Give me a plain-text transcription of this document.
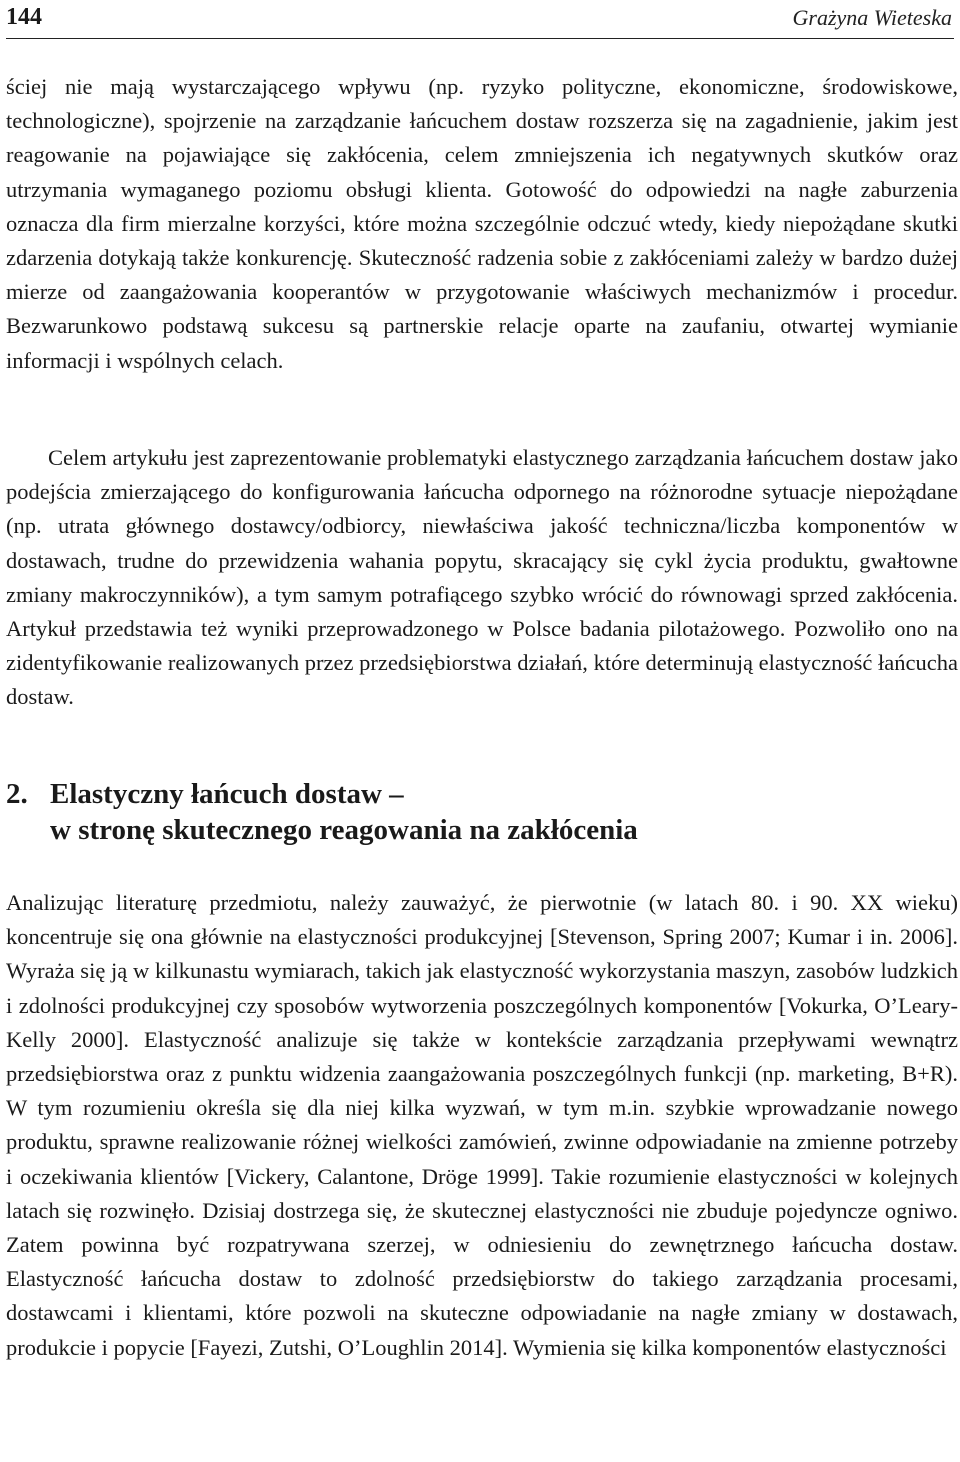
144	Grażyna Wieteska

ściej nie mają wystarczającego wpływu (np. ryzyko polityczne, ekonomiczne, środowiskowe, technologiczne), spojrzenie na zarządzanie łańcuchem dostaw rozszerza się na zagadnienie, jakim jest reagowanie na pojawiające się zakłócenia, celem zmniejszenia ich negatywnych skutków oraz utrzymania wymaganego poziomu obsługi klienta. Gotowość do odpowiedzi na nagłe zaburzenia oznacza dla firm mierzalne korzyści, które można szczególnie odczuć wtedy, kiedy niepożądane skutki zdarzenia dotykają także konkurencję. Skuteczność radzenia sobie z zakłóceniami zależy w bardzo dużej mierze od zaangażowania kooperantów w przygotowanie właściwych mechanizmów i procedur. Bezwarunkowo podstawą sukcesu są partnerskie relacje oparte na zaufaniu, otwartej wymianie informacji i wspólnych celach.

Celem artykułu jest zaprezentowanie problematyki elastycznego zarządzania łańcuchem dostaw jako podejścia zmierzającego do konfigurowania łańcucha odpornego na różnorodne sytuacje niepożądane (np. utrata głównego dostawcy/odbiorcy, niewłaściwa jakość techniczna/liczba komponentów w dostawach, trudne do przewidzenia wahania popytu, skracający się cykl życia produktu, gwałtowne zmiany makroczynników), a tym samym potrafiącego szybko wrócić do równowagi sprzed zakłócenia. Artykuł przedstawia też wyniki przeprowadzonego w Polsce badania pilotażowego. Pozwoliło ono na zidentyfikowanie realizowanych przez przedsiębiorstwa działań, które determinują elastyczność łańcucha dostaw.

2. Elastyczny łańcuch dostaw –
w stronę skutecznego reagowania na zakłócenia

Analizując literaturę przedmiotu, należy zauważyć, że pierwotnie (w latach 80. i 90. XX wieku) koncentruje się ona głównie na elastyczności produkcyjnej [Stevenson, Spring 2007; Kumar i in. 2006]. Wyraża się ją w kilkunastu wymiarach, takich jak elastyczność wykorzystania maszyn, zasobów ludzkich i zdolności produkcyjnej czy sposobów wytworzenia poszczególnych komponentów [Vokurka, O’Leary-Kelly 2000]. Elastyczność analizuje się także w kontekście zarządzania przepływami wewnątrz przedsiębiorstwa oraz z punktu widzenia zaangażowania poszczególnych funkcji (np. marketing, B+R). W tym rozumieniu określa się dla niej kilka wyzwań, w tym m.in. szybkie wprowadzanie nowego produktu, sprawne realizowanie różnej wielkości zamówień, zwinne odpowiadanie na zmienne potrzeby i oczekiwania klientów [Vickery, Calantone, Dröge 1999]. Takie rozumienie elastyczności w kolejnych latach się rozwinęło. Dzisiaj dostrzega się, że skutecznej elastyczności nie zbuduje pojedyncze ogniwo. Zatem powinna być rozpatrywana szerzej, w odniesieniu do zewnętrznego łańcucha dostaw. Elastyczność łańcucha dostaw to zdolność przedsiębiorstw do takiego zarządzania procesami, dostawcami i klientami, które pozwoli na skuteczne odpowiadanie na nagłe zmiany w dostawach, produkcie i popycie [Fayezi, Zutshi, O’Loughlin 2014]. Wymienia się kilka komponentów elastyczności
